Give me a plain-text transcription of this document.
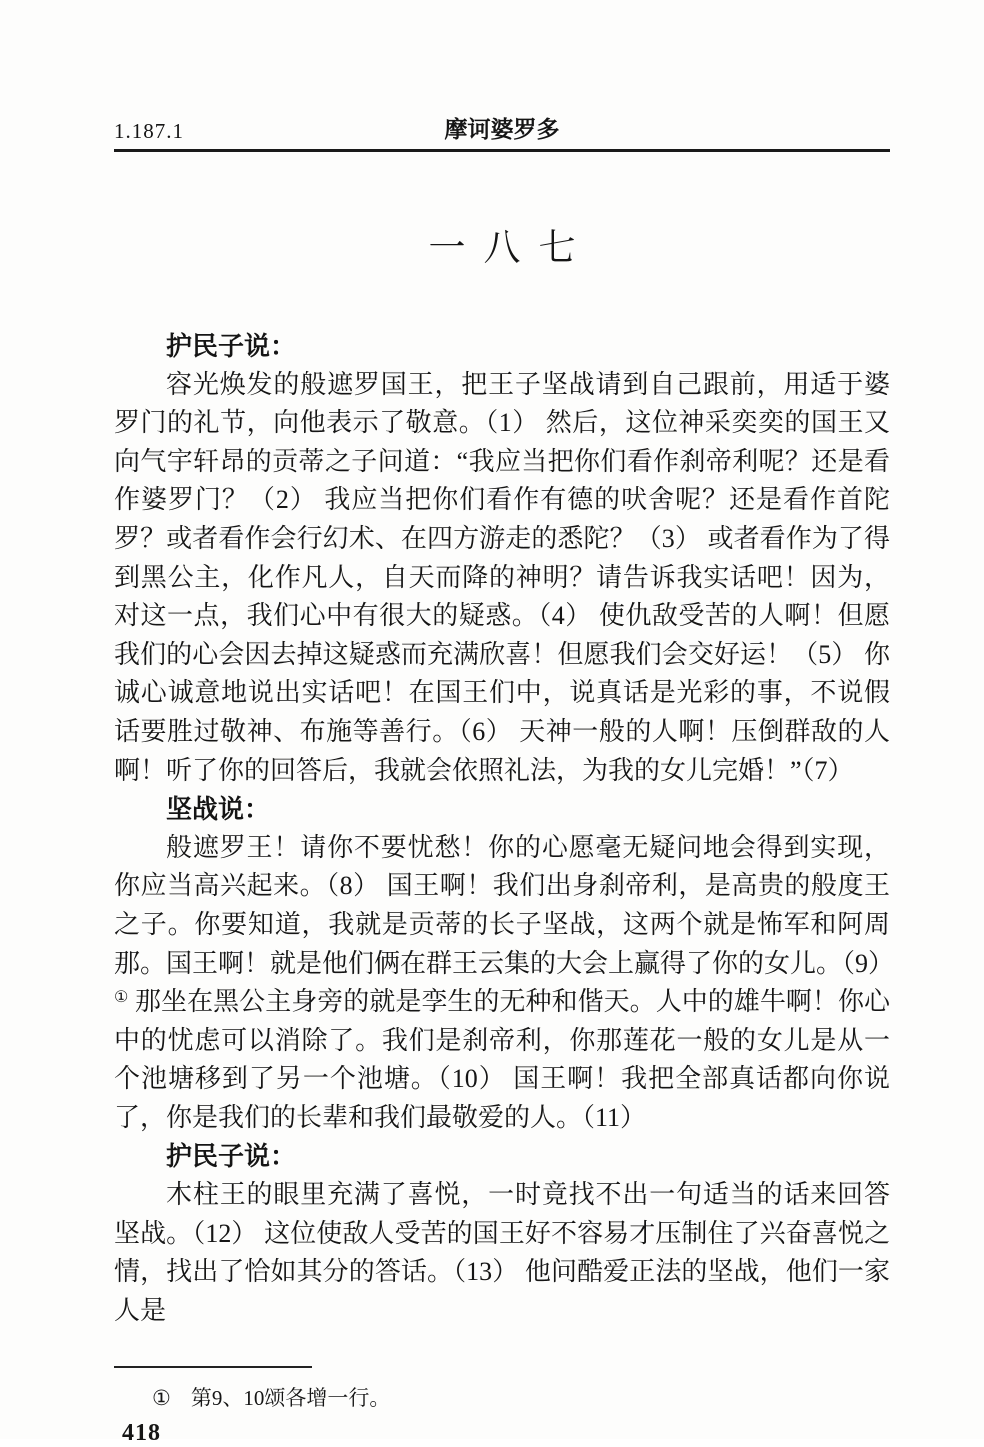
1.187.1	摩诃婆罗多
一八七

护民子说：

容光焕发的般遮罗国王，把王子坚战请到自己跟前，用适于婆罗门的礼节，向他表示了敬意。（1） 然后，这位神采奕奕的国王又向气宇轩昂的贡蒂之子问道：“我应当把你们看作刹帝利呢？还是看作婆罗门？（2） 我应当把你们看作有德的吠舍呢？还是看作首陀罗？或者看作会行幻术、在四方游走的悉陀？（3） 或者看作为了得到黑公主，化作凡人，自天而降的神明？请告诉我实话吧！因为，对这一点，我们心中有很大的疑惑。（4） 使仇敌受苦的人啊！但愿我们的心会因去掉这疑惑而充满欣喜！但愿我们会交好运！（5） 你诚心诚意地说出实话吧！在国王们中，说真话是光彩的事，不说假话要胜过敬神、布施等善行。（6） 天神一般的人啊！压倒群敌的人啊！听了你的回答后，我就会依照礼法，为我的女儿完婚！”（7）

坚战说：

般遮罗王！请你不要忧愁！你的心愿毫无疑问地会得到实现，你应当高兴起来。（8） 国王啊！我们出身刹帝利，是高贵的般度王之子。你要知道，我就是贡蒂的长子坚战，这两个就是怖军和阿周那。国王啊！就是他们俩在群王云集的大会上赢得了你的女儿。（9）① 那坐在黑公主身旁的就是孪生的无种和偕天。人中的雄牛啊！你心中的忧虑可以消除了。我们是刹帝利，你那莲花一般的女儿是从一个池塘移到了另一个池塘。（10） 国王啊！我把全部真话都向你说了，你是我们的长辈和我们最敬爱的人。（11）

护民子说：

木柱王的眼里充满了喜悦，一时竟找不出一句适当的话来回答坚战。（12） 这位使敌人受苦的国王好不容易才压制住了兴奋喜悦之情，找出了恰如其分的答话。（13） 他问酷爱正法的坚战，他们一家人是

① 第9、10颂各增一行。
418
